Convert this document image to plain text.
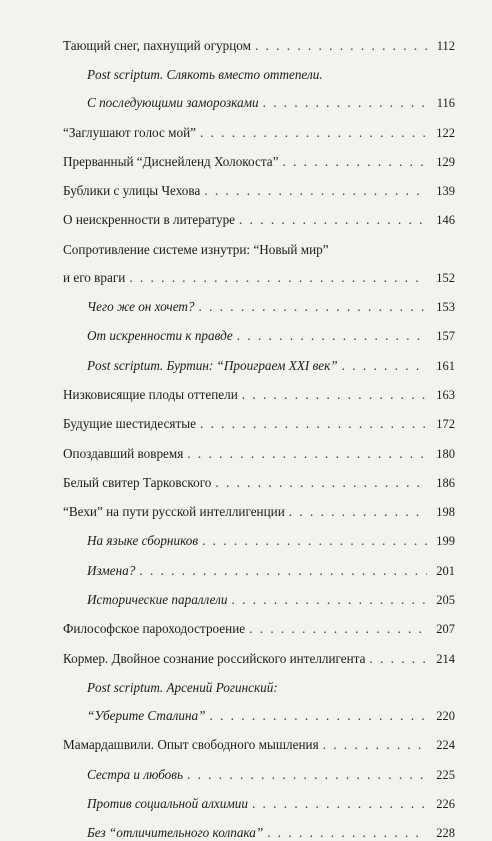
Тающий снег, пахнущий огурцом . . .	112
Post scriptum. Слякоть вместо оттепели.
С последующими заморозками . . .	116
“Заглушают голос мой” . . .	122
Прерванный “Диснейленд Холокоста” . . .	129
Бублики с улицы Чехова . . .	139
О неискренности в литературе . . .	146
Сопротивление системе изнутри: “Новый мир”
и его враги . . .	152
Чего же он хочет? . . .	153
От искренности к правде . . .	157
Post scriptum. Буртин: “Проиграем XXI век” . . .	161
Низковисящие плоды оттепели . . .	163
Будущие шестидесятые . . .	172
Опоздавший вовремя . . .	180
Белый свитер Тарковского . . .	186
“Вехи” на пути русской интеллигенции . . .	198
На языке сборников . . .	199
Измена? . . .	201
Исторические параллели . . .	205
Философское пароходостроение . . .	207
Кормер. Двойное сознание российского интеллигента . . .	214
Post scriptum. Арсений Рогинский:
“Уберите Сталина” . . .	220
Мамардашвили. Опыт свободного мышления . . .	224
Сестра и любовь . . .	225
Против социальной алхимии . . .	226
Без “отличительного колпака” . . .	228
